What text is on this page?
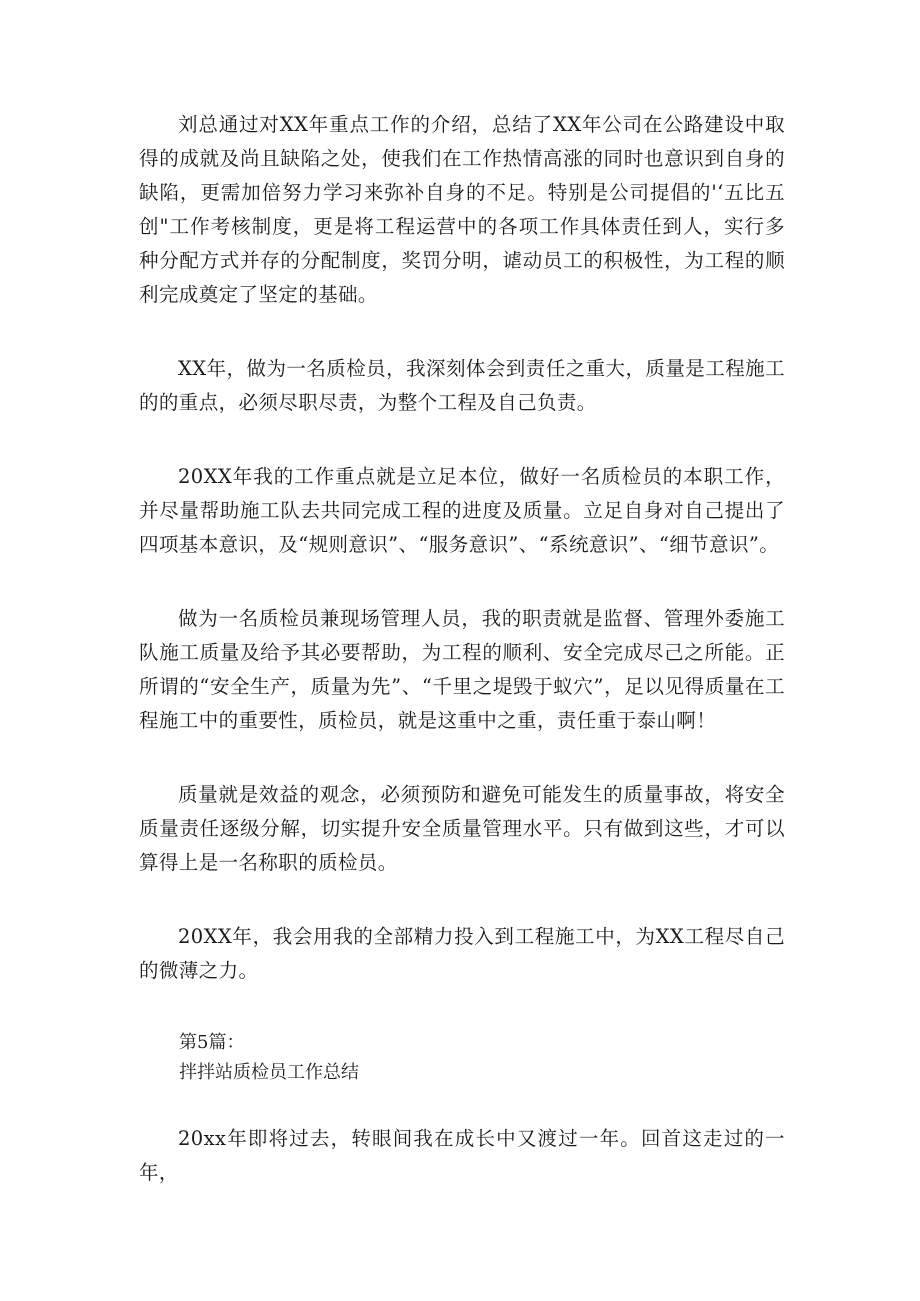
刘总通过对XX年重点工作的介绍，总结了XX年公司在公路建设中取得的成就及尚且缺陷之处，使我们在工作热情高涨的同时也意识到自身的缺陷，更需加倍努力学习来弥补自身的不足。特别是公司提倡的'‘五比五创"工作考核制度，更是将工程运营中的各项工作具体责任到人，实行多种分配方式并存的分配制度，奖罚分明，谑动员工的积极性，为工程的顺利完成奠定了坚定的基础。

XX年，做为一名质检员，我深刻体会到责任之重大，质量是工程施工的的重点，必须尽职尽责，为整个工程及自己负责。

20XX年我的工作重点就是立足本位，做好一名质检员的本职工作，并尽量帮助施工队去共同完成工程的进度及质量。立足自身对自己提出了四项基本意识，及“规则意识”、“服务意识”、“系统意识”、“细节意识”。

做为一名质检员兼现场管理人员，我的职责就是监督、管理外委施工队施工质量及给予其必要帮助，为工程的顺利、安全完成尽己之所能。正所谓的“安全生产，质量为先”、“千里之堤毁于蚁穴”，足以见得质量在工程施工中的重要性，质检员，就是这重中之重，责任重于泰山啊！

质量就是效益的观念，必须预防和避免可能发生的质量事故，将安全质量责任逐级分解，切实提升安全质量管理水平。只有做到这些，才可以算得上是一名称职的质检员。

20XX年，我会用我的全部精力投入到工程施工中，为XX工程尽自己的微薄之力。

第5篇：
拌拌站质检员工作总结

20xx年即将过去，转眼间我在成长中又渡过一年。回首这走过的一年，
